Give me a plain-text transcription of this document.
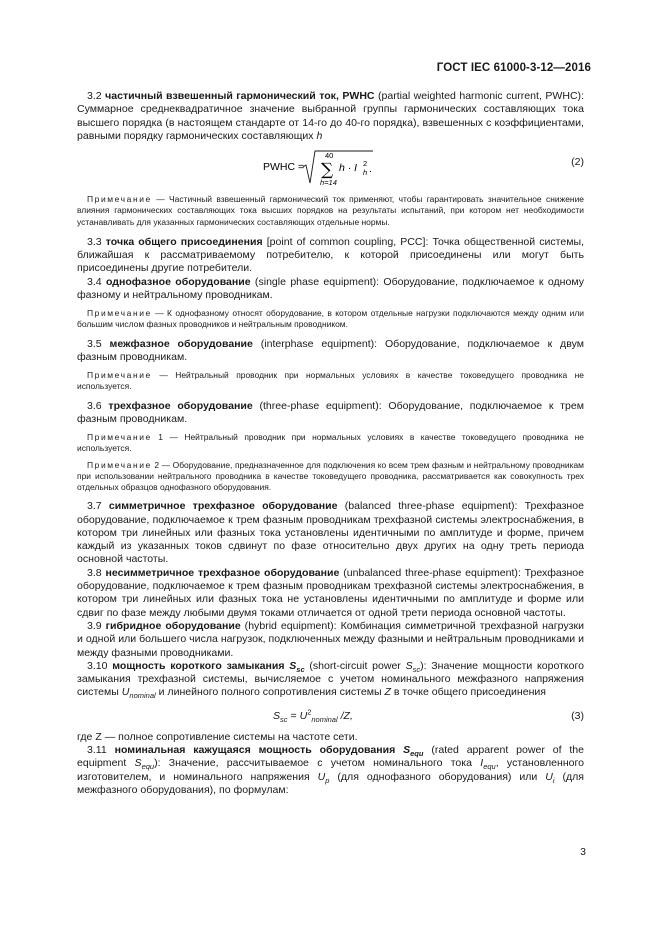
ГОСТ IEC 61000-3-12—2016

3.2 частичный взвешенный гармонический ток, PWHC (partial weighted harmonic current, PWHC): Суммарное среднеквадратичное значение выбранной группы гармонических составляющих тока высшего порядка (в настоящем стандарте от 14-го до 40-го порядка), взвешенных с коэффициентами, равными порядку гармонических составляющих h

PWHC =
40
∑
h=14
h · I 2
h .
(2)

Примечание — Частичный взвешенный гармонический ток применяют, чтобы гарантировать значительное снижение влияния гармонических составляющих тока высших порядков на результаты испытаний, при котором нет необходимости устанавливать для указанных гармонических составляющих отдельные нормы.

3.3 точка общего присоединения [point of common coupling, PCC]: Точка общественной системы, ближайшая к рассматриваемому потребителю, к которой присоединены или могут быть присоединены другие потребители.

3.4 однофазное оборудование (single phase equipment): Оборудование, подключаемое к одному фазному и нейтральному проводникам.

Примечание — К однофазному относят оборудование, в котором отдельные нагрузки подключаются между одним или большим числом фазных проводников и нейтральным проводником.

3.5 межфазное оборудование (interphase equipment): Оборудование, подключаемое к двум фазным проводникам.

Примечание — Нейтральный проводник при нормальных условиях в качестве токоведущего проводника не используется.

3.6 трехфазное оборудование (three-phase equipment): Оборудование, подключаемое к трем фазным проводникам.

Примечание 1 — Нейтральный проводник при нормальных условиях в качестве токоведущего проводника не используется.

Примечание 2 — Оборудование, предназначенное для подключения ко всем трем фазным и нейтральному проводникам при использовании нейтрального проводника в качестве токоведущего проводника, рассматривается как совокупность трех отдельных образцов однофазного оборудования.

3.7 симметричное трехфазное оборудование (balanced three-phase equipment): Трехфазное оборудование, подключаемое к трем фазным проводникам трехфазной системы электроснабжения, в котором три линейных или фазных тока установлены идентичными по амплитуде и форме, причем каждый из указанных токов сдвинут по фазе относительно двух других на одну треть периода основной частоты.

3.8 несимметричное трехфазное оборудование (unbalanced three-phase equipment): Трехфазное оборудование, подключаемое к трем фазным проводникам трехфазной системы электроснабжения, в котором три линейных или фазных тока не установлены идентичными по амплитуде и форме или сдвиг по фазе между любыми двумя токами отличается от одной трети периода основной частоты.

3.9 гибридное оборудование (hybrid equipment): Комбинация симметричной трехфазной нагрузки и одной или большего числа нагрузок, подключенных между фазными и нейтральным проводниками и между фазными проводниками.

3.10 мощность короткого замыкания $S_{sc}$ (short-circuit power $S_{sc}$): Значение мощности короткого замыкания трехфазной системы, вычисляемое с учетом номинального межфазного напряжения системы $U_{nominal}$ и линейного полного сопротивления системы Z в точке общего присоединения

$S_{sc} = U^2_{nominal}$ /Z,	(3)

где Z — полное сопротивление системы на частоте сети.

3.11 номинальная кажущаяся мощность оборудования $S_{equ}$ (rated apparent power of the equipment $S_{equ}$): Значение, рассчитываемое с учетом номинального тока $I_{equ}$, установленного изготовителем, и номинального напряжения $U_p$ (для однофазного оборудования) или $U_i$ (для межфазного оборудования), по формулам:

3
